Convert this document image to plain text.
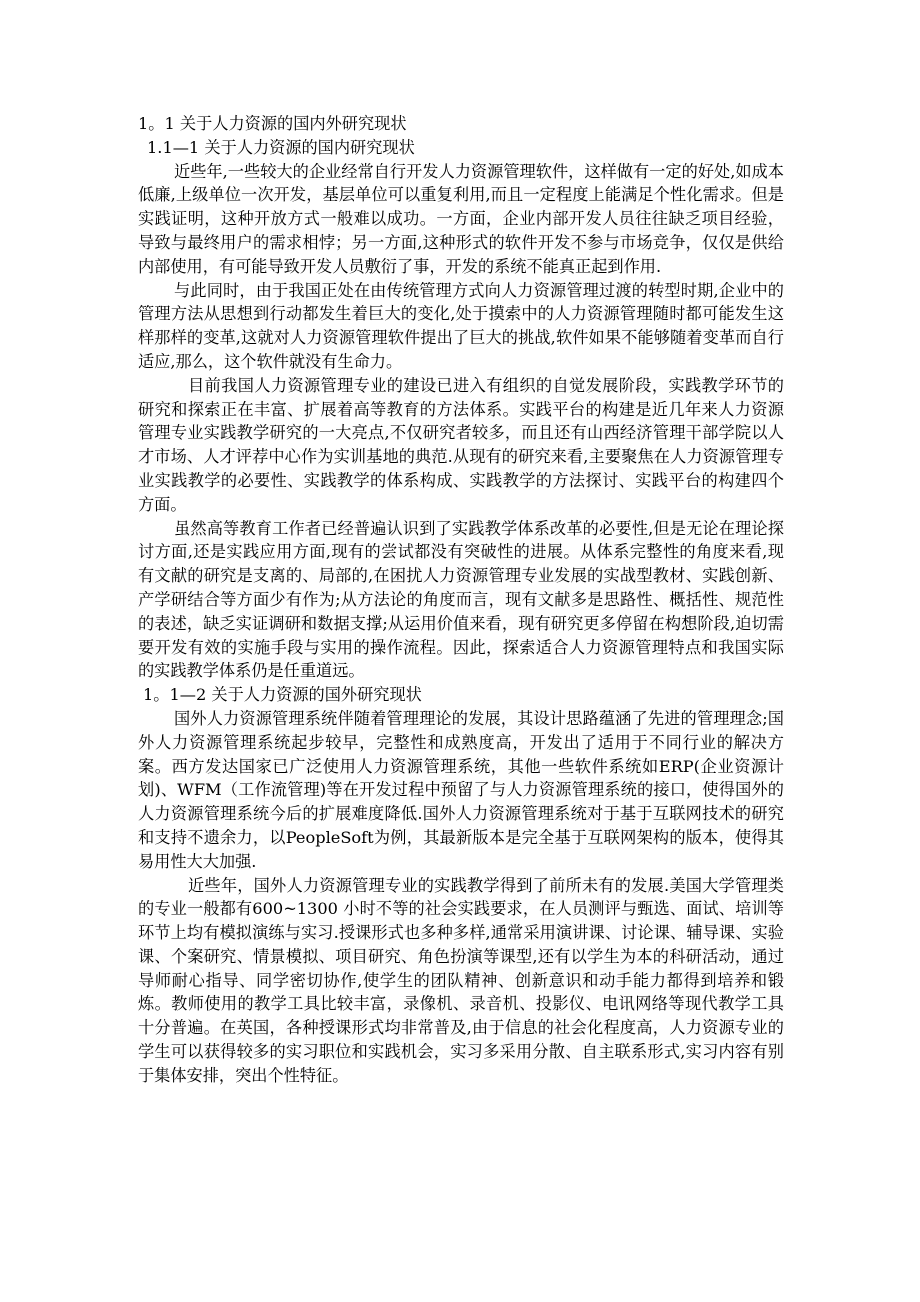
1。1 关于人力资源的国内外研究现状
1.1—1 关于人力资源的国内研究现状

近些年,一些较大的企业经常自行开发人力资源管理软件，这样做有一定的好处,如成本低廉,上级单位一次开发，基层单位可以重复利用,而且一定程度上能满足个性化需求。但是实践证明，这种开放方式一般难以成功。一方面，企业内部开发人员往往缺乏项目经验，导致与最终用户的需求相悖；另一方面,这种形式的软件开发不参与市场竞争，仅仅是供给内部使用，有可能导致开发人员敷衍了事，开发的系统不能真正起到作用.

与此同时，由于我国正处在由传统管理方式向人力资源管理过渡的转型时期,企业中的管理方法从思想到行动都发生着巨大的变化,处于摸索中的人力资源管理随时都可能发生这样那样的变革,这就对人力资源管理软件提出了巨大的挑战,软件如果不能够随着变革而自行适应,那么，这个软件就没有生命力。

目前我国人力资源管理专业的建设已进入有组织的自觉发展阶段，实践教学环节的研究和探索正在丰富、扩展着高等教育的方法体系。实践平台的构建是近几年来人力资源管理专业实践教学研究的一大亮点,不仅研究者较多，而且还有山西经济管理干部学院以人才市场、人才评荐中心作为实训基地的典范.从现有的研究来看,主要聚焦在人力资源管理专业实践教学的必要性、实践教学的体系构成、实践教学的方法探讨、实践平台的构建四个方面。

虽然高等教育工作者已经普遍认识到了实践教学体系改革的必要性,但是无论在理论探讨方面,还是实践应用方面,现有的尝试都没有突破性的进展。从体系完整性的角度来看,现有文献的研究是支离的、局部的,在困扰人力资源管理专业发展的实战型教材、实践创新、产学研结合等方面少有作为;从方法论的角度而言，现有文献多是思路性、概括性、规范性的表述，缺乏实证调研和数据支撑;从运用价值来看，现有研究更多停留在构想阶段,迫切需要开发有效的实施手段与实用的操作流程。因此，探索适合人力资源管理特点和我国实际的实践教学体系仍是任重道远。

1。1—2 关于人力资源的国外研究现状

国外人力资源管理系统伴随着管理理论的发展，其设计思路蕴涵了先进的管理理念;国外人力资源管理系统起步较早，完整性和成熟度高，开发出了适用于不同行业的解决方案。西方发达国家已广泛使用人力资源管理系统，其他一些软件系统如ERP(企业资源计划)、WFM（工作流管理)等在开发过程中预留了与人力资源管理系统的接口，使得国外的人力资源管理系统今后的扩展难度降低.国外人力资源管理系统对于基于互联网技术的研究和支持不遗余力，以PeopleSoft为例，其最新版本是完全基于互联网架构的版本，使得其易用性大大加强.

近些年，国外人力资源管理专业的实践教学得到了前所未有的发展.美国大学管理类的专业一般都有600~1300 小时不等的社会实践要求，在人员测评与甄选、面试、培训等环节上均有模拟演练与实习.授课形式也多种多样,通常采用演讲课、讨论课、辅导课、实验课、个案研究、情景模拟、项目研究、角色扮演等课型,还有以学生为本的科研活动，通过导师耐心指导、同学密切协作,使学生的团队精神、创新意识和动手能力都得到培养和锻炼。教师使用的教学工具比较丰富，录像机、录音机、投影仪、电讯网络等现代教学工具十分普遍。在英国，各种授课形式均非常普及,由于信息的社会化程度高，人力资源专业的学生可以获得较多的实习职位和实践机会，实习多采用分散、自主联系形式,实习内容有别于集体安排，突出个性特征。
